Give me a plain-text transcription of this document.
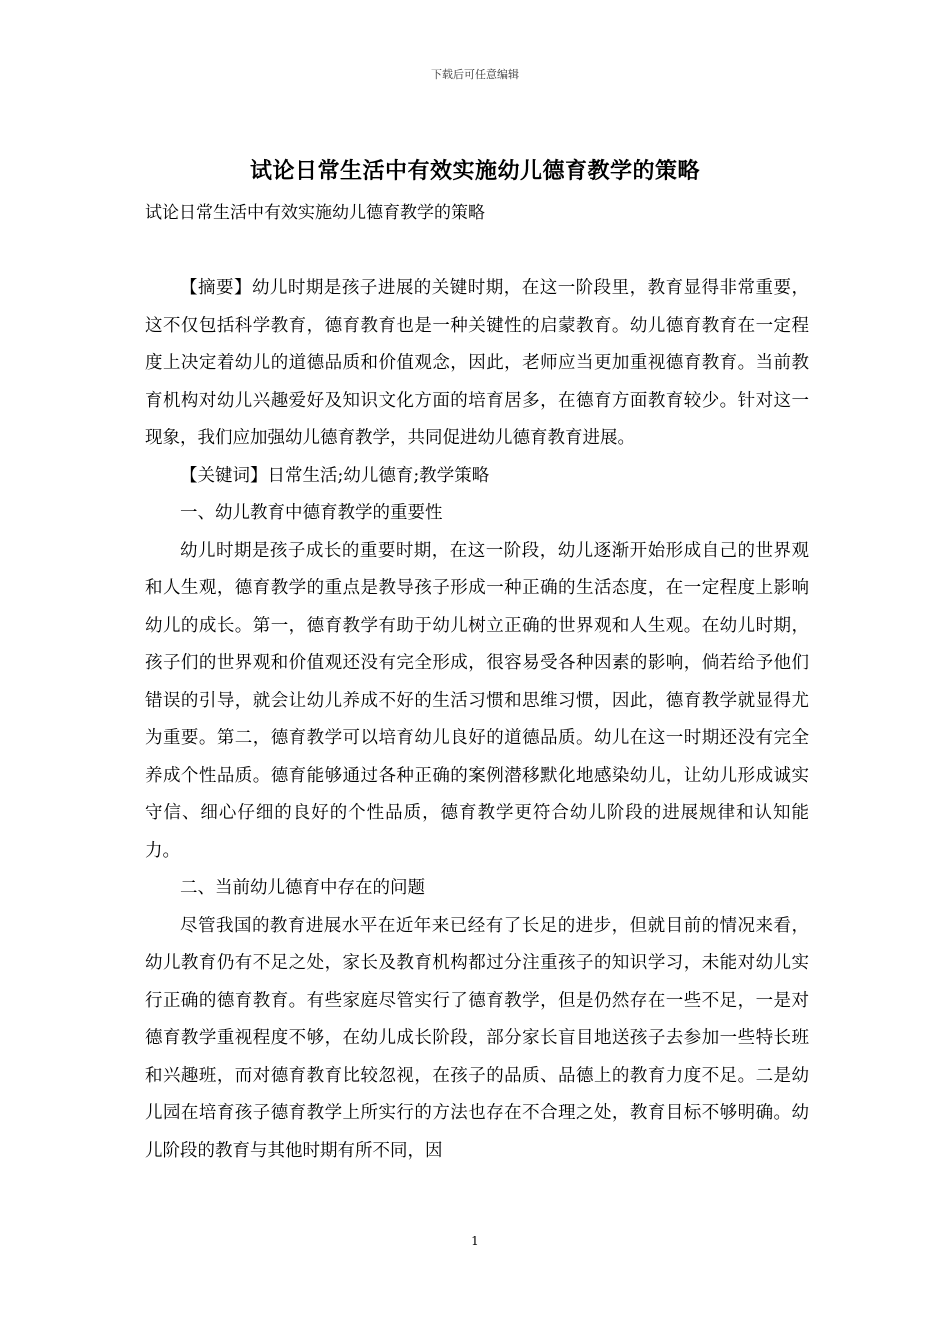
下载后可任意编辑
试论日常生活中有效实施幼儿德育教学的策略
试论日常生活中有效实施幼儿德育教学的策略

【摘要】幼儿时期是孩子进展的关键时期，在这一阶段里，教育显得非常重要，这不仅包括科学教育，德育教育也是一种关键性的启蒙教育。幼儿德育教育在一定程度上决定着幼儿的道德品质和价值观念，因此，老师应当更加重视德育教育。当前教育机构对幼儿兴趣爱好及知识文化方面的培育居多，在德育方面教育较少。针对这一现象，我们应加强幼儿德育教学，共同促进幼儿德育教育进展。

【关键词】日常生活;幼儿德育;教学策略

一、幼儿教育中德育教学的重要性

幼儿时期是孩子成长的重要时期，在这一阶段，幼儿逐渐开始形成自己的世界观和人生观，德育教学的重点是教导孩子形成一种正确的生活态度，在一定程度上影响幼儿的成长。第一，德育教学有助于幼儿树立正确的世界观和人生观。在幼儿时期，孩子们的世界观和价值观还没有完全形成，很容易受各种因素的影响，倘若给予他们错误的引导，就会让幼儿养成不好的生活习惯和思维习惯，因此，德育教学就显得尤为重要。第二，德育教学可以培育幼儿良好的道德品质。幼儿在这一时期还没有完全养成个性品质。德育能够通过各种正确的案例潜移默化地感染幼儿，让幼儿形成诚实守信、细心仔细的良好的个性品质，德育教学更符合幼儿阶段的进展规律和认知能力。

二、当前幼儿德育中存在的问题

尽管我国的教育进展水平在近年来已经有了长足的进步，但就目前的情况来看，幼儿教育仍有不足之处，家长及教育机构都过分注重孩子的知识学习，未能对幼儿实行正确的德育教育。有些家庭尽管实行了德育教学，但是仍然存在一些不足，一是对德育教学重视程度不够，在幼儿成长阶段，部分家长盲目地送孩子去参加一些特长班和兴趣班，而对德育教育比较忽视，在孩子的品质、品德上的教育力度不足。二是幼儿园在培育孩子德育教学上所实行的方法也存在不合理之处，教育目标不够明确。幼儿阶段的教育与其他时期有所不同，因

1
